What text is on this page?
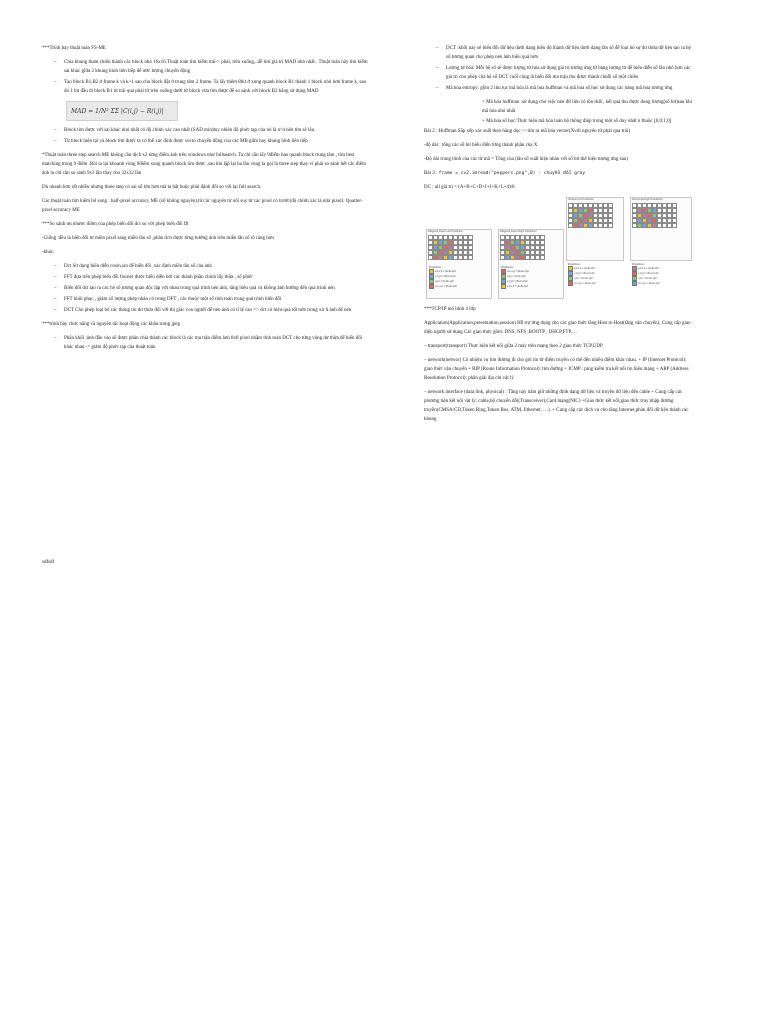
***Trình bày thuật toán FS-ME

– Chia khung tham chiếu thành các block nhỏ 16x16.Thuật toán tìm kiếm trái-> phải, trên xuống,..để tìm giá trị MAD nhỏ nhất . Thuật toán này tìm kiếm sai khác giữa 2 khung hình liên tiếp để ước lượng chuyển động
– Tạo block B1,B2 ở frame k và k+1 sao cho block đặt ở trung tâm 2 frame. Ta lấy thêm 8bit ở xung quanh block B1 thành 1 block nhỏ hơn frame k, sau đó 1 bit đầu di block B1 từ trái qua phải từ trên xuống dưới từ block vừa tìm được để so sánh với block B2 bằng sử dụng MAD
MAD = 1/N² ΣΣ |C(i,j) − R(i,j)|
– Block tìm được với sai khác nhỏ nhất có độ chính xác cao nhất (SAD min)tuy nhiên độ phức tạp của nó là n^4 nên tìm sẽ lâu
– Từ block hiện tại và block tìm được ta có thể xác định được vecto chuyển động của các MB giữa hay khung hình liên tiếp

*Thuật toán three step search ME không cần dịch x2 từng điểm ảnh trên windows như fullsearch. Ta chỉ cần lấy 9điểm bao quanh block trung tâm , tìm best matching trong 9 điểm .Rồi ta lại khoanh vùng 9điểm xung quanh block tìm được ,sau khi lặp lại ba lần vùng ta gọi là three step thay vì phải so sánh hết các điểm ảnh ta chỉ cần so sánh 9x3 lần thay cho 32x32 lần

Dù nhanh hơn rất nhiều nhưng three step có sai số lớn hơn mà ta bắt buộc phải đánh đổi so với lại full search.

Các thuật toán tìm kiếm bổ sung : half-pixel accuracy ME (số không nguyên),từ các nguyên từ nối suy từ các pixel có trước(độ chính xác là nửa pixel). Quarter-pixel accuracy ME

***So sánh ưu nhược điểm của phép biến đổi dct so với phép biến đổi fft

-Giống :đều là biến đổi từ miền pixel sang miền tần số ,phân tích được từng hướng ảnh trên miền tần số rõ ràng hơn

-khác:

– Dct Sử dụng biểu diễn cosin,sin để biến đổi ,xác định miền tần số của ảnh
– FFT dựa trên phép biến đổi fourier được biểu diễn bởi các thành phần chính lấy thừa , số phức
– Biến đổi dct tạo ra các hệ số tương quan độc lập với nhau trong quá trình nén ảnh, tăng hiệu quả và không ảnh hưởng đến quá trình nén
– FFT khôi phục , giảm số lượng phép nhân có trong DFT , các thuộc một số tính toán trong quá trình biến đổi
– DCT Cho phép loại bỏ các thông tin dư thừa đối với thị giác con người để nén ảnh có tỉ lệ cao => dct có hiệu quả tốt hơn trong xử lí ảnh để nén

***trình bày chức năng và nguyên tắc hoạt động các khâu trong jpeg

– Phân khối :ảnh đầu vào sẽ được phân chia thành các block là các ma trận điểm ảnh 8x8 pixel nhằm tính toán DCT cho từng vùng dư thừa để biến đổi khác nhau -> giảm độ phức tạp của thuật toán
sdfsdf
– DCT :khối này sẽ biến đổi dữ liệu dưới dạng biểu độ thành dữ liệu dưới dạng tần số để loại bỏ sự dư thừa dữ liệu tạo ra hệ số tương quan cho phép nén ảnh hiệu quả hơn
– Lượng tử hóa: Mỗi hệ số sẽ được lượng tử hóa sử dụng giá trị tương ứng từ bảng lượng tử để biểu diễn số lần nhỏ hơn các giá trị cho phép của hệ số DCT cuối cùng là biến đổi ma trận thu được thành chuỗi số một chiều
– Mã hóa entropy: gồm 2 thu tục mã hóa là mã hóa huffman và mã hóa số học sử dụng các bảng mã hóa tương ứng

+ Mã hóa huffman :sử dụng cho việc nén dữ liệu có tồn thất , kết quả thu được dung lượng(số bit)sau khi mã hóa nhỏ nhất

+ Mã hóa số học:Thực hiện mã hóa toàn bộ thông điệp trong một số duy nhất n thuộc [0,0;1,0]

Bài 2 : Huffman Sắp xếp xác suất theo hàng dọc -> tìm ra mã hóa vector(Xvới nguyên từ phải qua trái)

-độ dài : tổng các số bit biểu diễn từng thành phần của X

-Độ dài trung bình của các từ mã = Tổng của (tần số xuất hiện nhân với số bit thể hiện tương ứng sau)

Bài 3 : frame = cv2.imread("peppers.png",0) - chuyển đổi gray

DC : all giá trị = (A+B+C+D+I+J+K+L+4)/8

Vertical Left Prediction	Horizontal Right Prediction
Diagonal Down Left Prediction
Predictions:
a,b,c,d = (A+B+1)/2
e,f,g,h = (B+C+1)/2
i,j,k,l = (C+D+1)/2
m,n,o,p = (D+E+1)/2
Diagonal Down Right Prediction
Predictions:
m,n,o,p = (D+E+1)/2
i,j,k,l = (C+D+1)/2
e,f,g,h = (B+C+1)/2
a,b,c,d = (A+B+1)/2
Predictions:
a,b,c,d = (A+B+1)/2
e,f,g,h = (B+C+1)/2
i,j,k,l = (C+D+1)/2
m,n,o,p = (D+E+1)/2
Predictions:
a,b,c,d = (A+B+1)/2
e,f,g,h = (B+C+1)/2
i,j,k,l = (C+D+1)/2
m,n,o,p = (D+E+1)/2

***TCP/IP mô hình 4 lớp

Application(Application,presentation,session) Hỗ trợ ứng dụng cho các giao thức tầng Host to Host(tầng vận chuyển), Cung cấp giao diện người sử dụng Các giao thức gồm: DNS, NFS ,BOOTP , DHCP,FTP,…

– transport(transport) Thực hiện kết nối giữa 2 máy trên mạng theo 2 giao thức TCP,UDP

– network(networ) Có nhiệm vụ tìm đường đi cho gói tin từ điểm truyền có thể đến nhiều điểm khác nhau. + IP (Internet Protocol): giao thức vận chuyển + RIP (Route Information Protocol): tìm đường + ICMP : ping kiểm tra kết nối tín hiệu mạng + ARP (Address Resolution Protocol): phân giải địa chỉ vật lý

– network interface (data link, physical) : Tầng này nằm giữ những định dạng dữ liệu và truyền dữ liệu đến cable + Cung cấp các phương tiện kết nối vật lý: cable,bộ chuyển đổi(Transceiver),Card mạng(NIC) +Giao thức kết nối,giao thức truy nhập đường truyền(CMSA/CD,Token Ring,Token Bus, ATM, Ethernet, …). + Cung cấp các dịch vụ cho tầng Internet,phân đổi dữ liệu thành các khung
